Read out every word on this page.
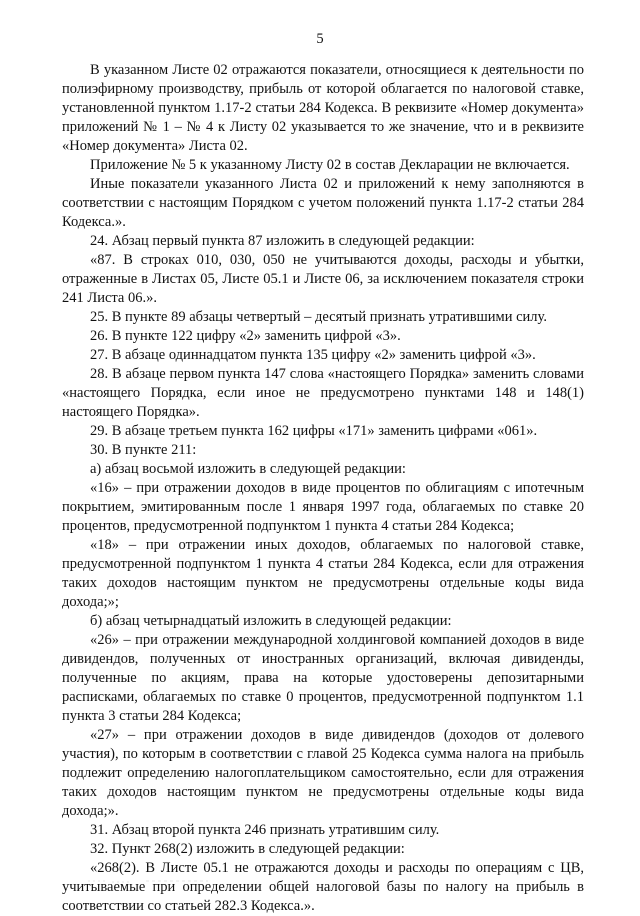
5

В указанном Листе 02 отражаются показатели, относящиеся к деятельности по полиэфирному производству, прибыль от которой облагается по налоговой ставке, установленной пунктом 1.17-2 статьи 284 Кодекса. В реквизите «Номер документа» приложений № 1 – № 4 к Листу 02 указывается то же значение, что и в реквизите «Номер документа» Листа 02.

Приложение № 5 к указанному Листу 02 в состав Декларации не включается.

Иные показатели указанного Листа 02 и приложений к нему заполняются в соответствии с настоящим Порядком с учетом положений пункта 1.17-2 статьи 284 Кодекса.».

24. Абзац первый пункта 87 изложить в следующей редакции:

«87. В строках 010, 030, 050 не учитываются доходы, расходы и убытки, отраженные в Листах 05, Листе 05.1 и Листе 06, за исключением показателя строки 241 Листа 06.».

25. В пункте 89 абзацы четвертый – десятый признать утратившими силу.

26. В пункте 122 цифру «2» заменить цифрой «3».

27. В абзаце одиннадцатом пункта 135 цифру «2» заменить цифрой «3».

28. В абзаце первом пункта 147 слова «настоящего Порядка» заменить словами «настоящего Порядка, если иное не предусмотрено пунктами 148 и 148(1) настоящего Порядка».

29. В абзаце третьем пункта 162 цифры «171» заменить цифрами «061».

30. В пункте 211:

а) абзац восьмой изложить в следующей редакции:

«16» – при отражении доходов в виде процентов по облигациям с ипотечным покрытием, эмитированным после 1 января 1997 года, облагаемых по ставке 20 процентов, предусмотренной подпунктом 1 пункта 4 статьи 284 Кодекса;

«18» – при отражении иных доходов, облагаемых по налоговой ставке, предусмотренной подпунктом 1 пункта 4 статьи 284 Кодекса, если для отражения таких доходов настоящим пунктом не предусмотрены отдельные коды вида дохода;»;

б) абзац четырнадцатый изложить в следующей редакции:

«26» – при отражении международной холдинговой компанией доходов в виде дивидендов, полученных от иностранных организаций, включая дивиденды, полученные по акциям, права на которые удостоверены депозитарными расписками, облагаемых по ставке 0 процентов, предусмотренной подпунктом 1.1 пункта 3 статьи 284 Кодекса;

«27» – при отражении доходов в виде дивидендов (доходов от долевого участия), по которым в соответствии с главой 25 Кодекса сумма налога на прибыль подлежит определению налогоплательщиком самостоятельно, если для отражения таких доходов настоящим пунктом не предусмотрены отдельные коды вида дохода;».

31. Абзац второй пункта 246 признать утратившим силу.

32. Пункт 268(2) изложить в следующей редакции:

«268(2). В Листе 05.1 не отражаются доходы и расходы по операциям с ЦВ, учитываемые при определении общей налоговой базы по налогу на прибыль в соответствии со статьей 282.3 Кодекса.».
